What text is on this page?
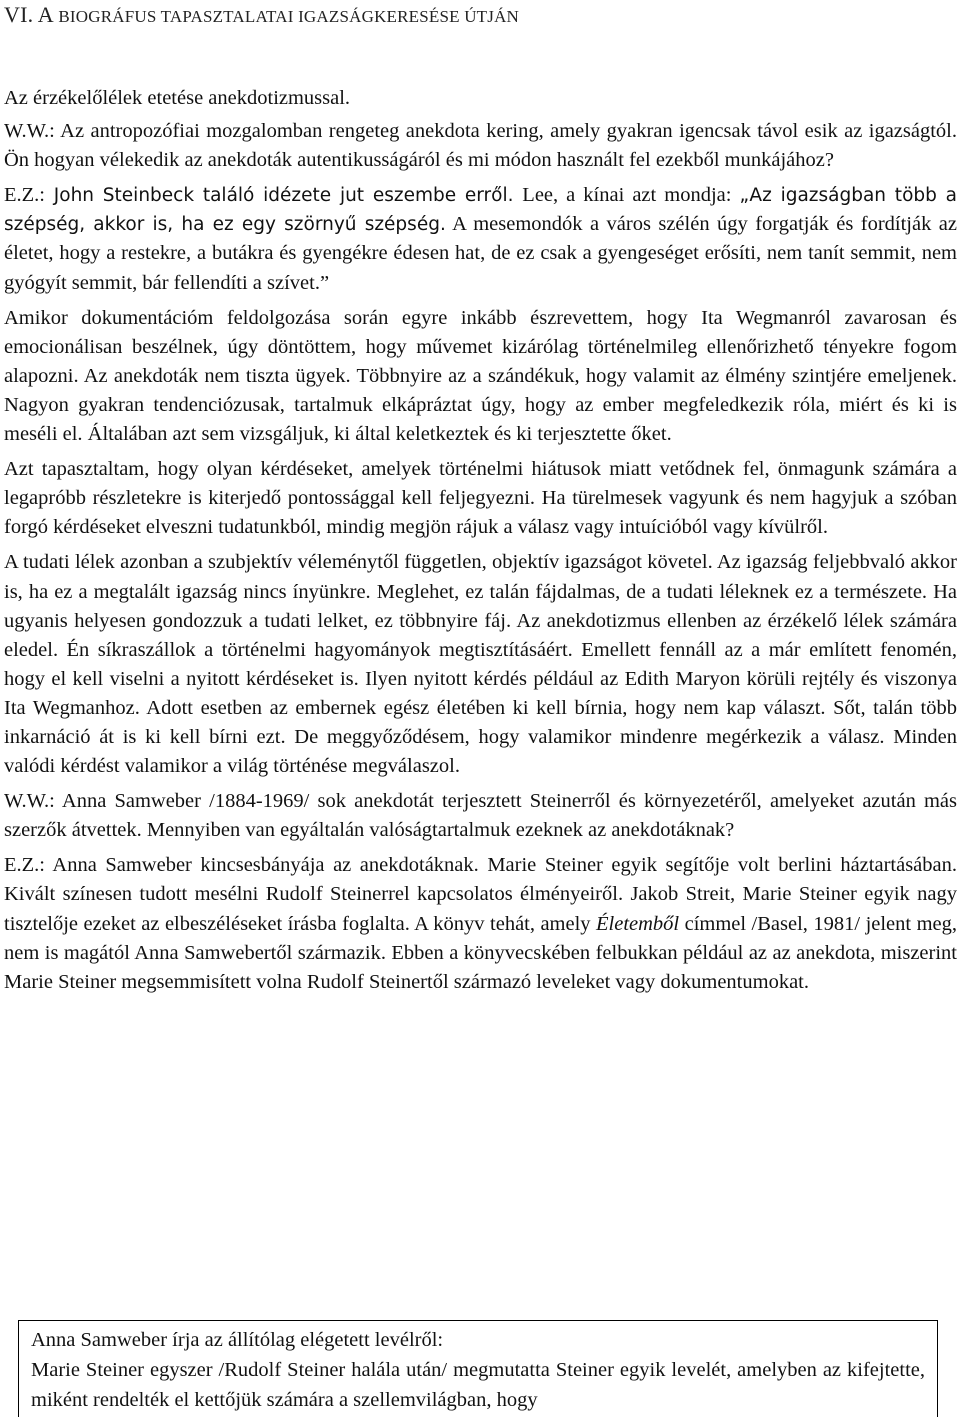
VI. A BIOGRÁFUS TAPASZTALATAI IGAZSÁGKERESÉSE ÚTJÁN

Az érzékelőlélek etetése anekdotizmussal.

W.W.: Az antropozófiai mozgalomban rengeteg anekdota kering, amely gyakran igencsak távol esik az igazságtól. Ön hogyan vélekedik az anekdoták autentikusságáról és mi módon használt fel ezekből munkájához?

E.Z.: John Steinbeck találó idézete jut eszembe erről. Lee, a kínai azt mondja: „Az igazságban több a szépség, akkor is, ha ez egy szörnyű szépség. A mesemondók a város szélén úgy forgatják és fordítják az életet, hogy a restekre, a butákra és gyengékre édesen hat, de ez csak a gyengeséget erősíti, nem tanít semmit, nem gyógyít semmit, bár fellendíti a szívet.”

Amikor dokumentációm feldolgozása során egyre inkább észrevettem, hogy Ita Wegmanról zavarosan és emocionálisan beszélnek, úgy döntöttem, hogy művemet kizárólag történelmileg ellenőrizhető tényekre fogom alapozni. Az anekdoták nem tiszta ügyek. Többnyire az a szándékuk, hogy valamit az élmény szintjére emeljenek. Nagyon gyakran tendenciózusak, tartalmuk elkápráztat úgy, hogy az ember megfeledkezik róla, miért és ki is meséli el. Általában azt sem vizsgáljuk, ki által keletkeztek és ki terjesztette őket.

Azt tapasztaltam, hogy olyan kérdéseket, amelyek történelmi hiátusok miatt vetődnek fel, önmagunk számára a legapróbb részletekre is kiterjedő pontossággal kell feljegyezni. Ha türelmesek vagyunk és nem hagyjuk a szóban forgó kérdéseket elveszni tudatunkból, mindig megjön rájuk a válasz vagy intuícióból vagy kívülről.

A tudati lélek azonban a szubjektív véleménytől független, objektív igazságot követel. Az igazság feljebbvaló akkor is, ha ez a megtalált igazság nincs ínyünkre. Meglehet, ez talán fájdalmas, de a tudati léleknek ez a természete. Ha ugyanis helyesen gondozzuk a tudati lelket, ez többnyire fáj. Az anekdotizmus ellenben az érzékelő lélek számára eledel. Én síkraszállok a történelmi hagyományok megtisztításáért. Emellett fennáll az a már említett fenomén, hogy el kell viselni a nyitott kérdéseket is. Ilyen nyitott kérdés például az Edith Maryon körüli rejtély és viszonya Ita Wegmanhoz. Adott esetben az embernek egész életében ki kell bírnia, hogy nem kap választ. Sőt, talán több inkarnáció át is ki kell bírni ezt. De meggyőződésem, hogy valamikor mindenre megérkezik a válasz. Minden valódi kérdést valamikor a világ történése megválaszol.

W.W.: Anna Samweber /1884-1969/ sok anekdotát terjesztett Steinerről és környezetéről, amelyeket azután más szerzők átvettek. Mennyiben van egyáltalán valóságtartalmuk ezeknek az anekdotáknak?

E.Z.: Anna Samweber kincsesbányája az anekdotáknak. Marie Steiner egyik segítője volt berlini háztartásában. Kivált színesen tudott mesélni Rudolf Steinerrel kapcsolatos élményeiről. Jakob Streit, Marie Steiner egyik nagy tisztelője ezeket az elbeszéléseket írásba foglalta. A könyv tehát, amely Életemből címmel /Basel, 1981/ jelent meg, nem is magától Anna Samwebertől származik. Ebben a könyvecskében felbukkan például az az anekdota, miszerint Marie Steiner megsemmisített volna Rudolf Steinertől származó leveleket vagy dokumentumokat.

Anna Samweber írja az állítólag elégetett levélről:

Marie Steiner egyszer /Rudolf Steiner halála után/ megmutatta Steiner egyik levelét, amelyben az kifejtette, miként rendelték el kettőjük számára a szellemvilágban, hogy
